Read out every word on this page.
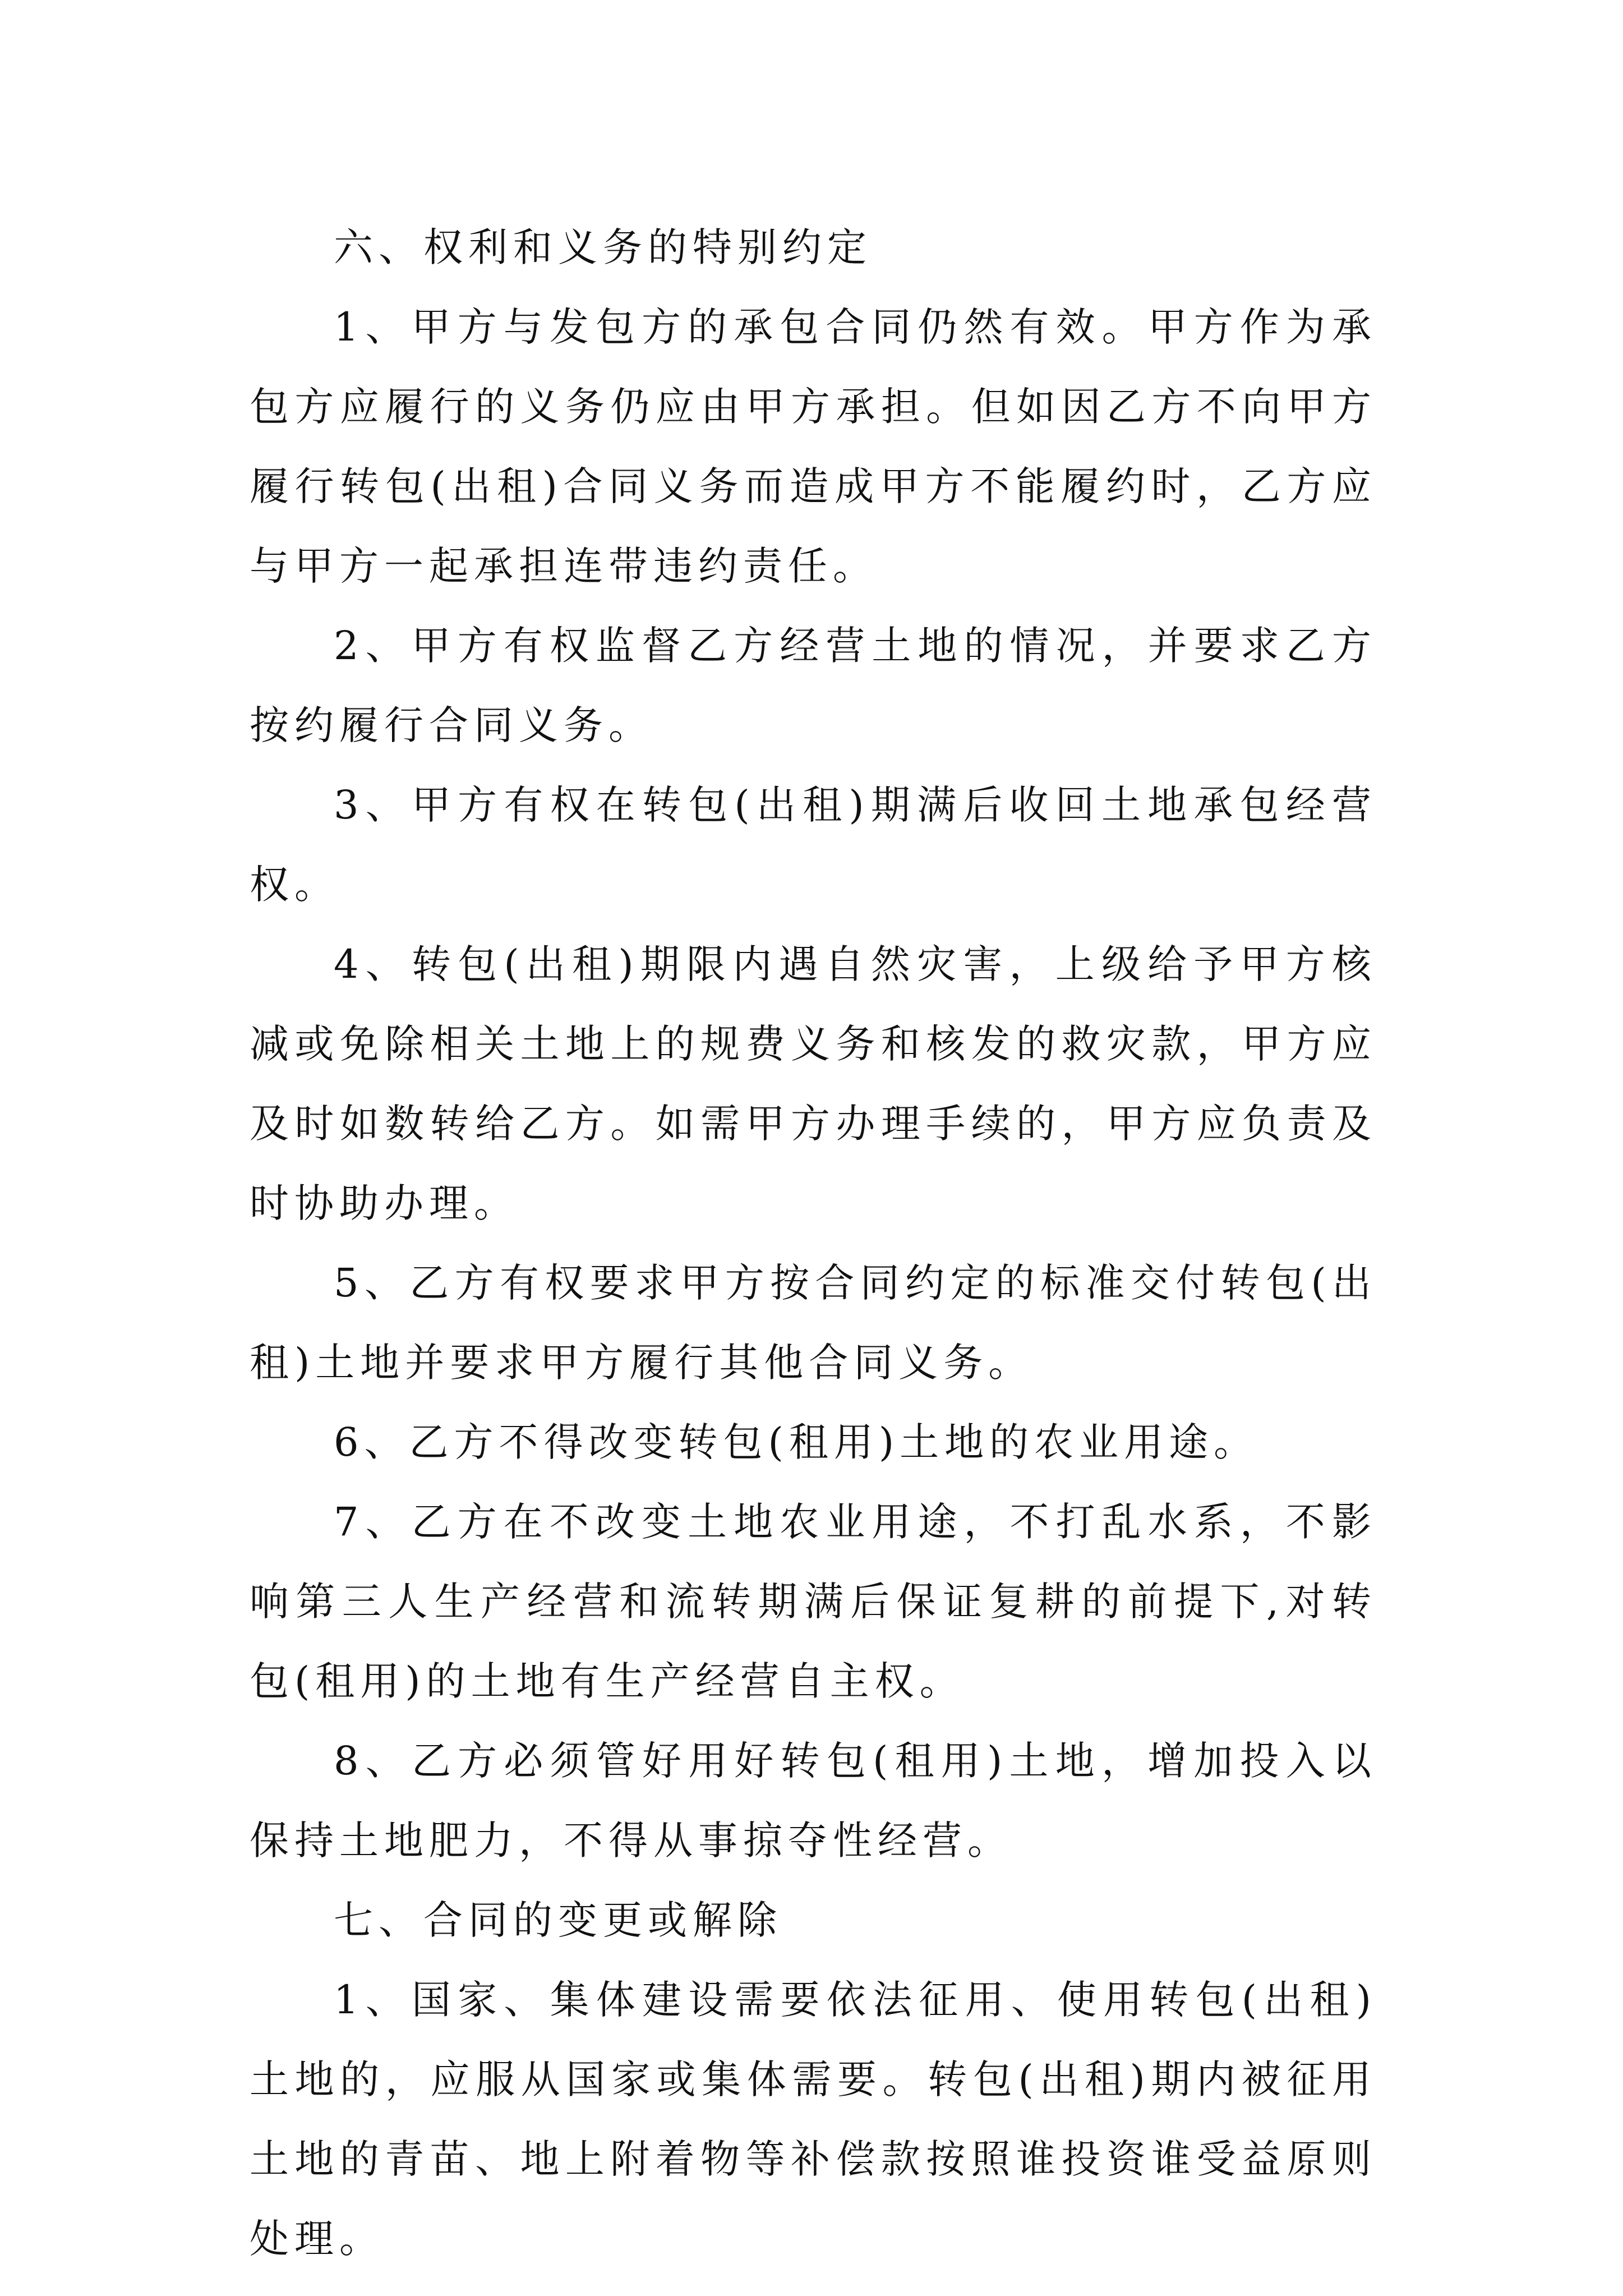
六、权利和义务的特别约定

1、甲方与发包方的承包合同仍然有效。甲方作为承包方应履行的义务仍应由甲方承担。但如因乙方不向甲方履行转包(出租)合同义务而造成甲方不能履约时，乙方应与甲方一起承担连带违约责任。

2、甲方有权监督乙方经营土地的情况，并要求乙方按约履行合同义务。

3、甲方有权在转包(出租)期满后收回土地承包经营权。

4、转包(出租)期限内遇自然灾害，上级给予甲方核减或免除相关土地上的规费义务和核发的救灾款，甲方应及时如数转给乙方。如需甲方办理手续的，甲方应负责及时协助办理。

5、乙方有权要求甲方按合同约定的标准交付转包(出租)土地并要求甲方履行其他合同义务。

6、乙方不得改变转包(租用)土地的农业用途。

7、乙方在不改变土地农业用途，不打乱水系，不影响第三人生产经营和流转期满后保证复耕的前提下,对转包(租用)的土地有生产经营自主权。

8、乙方必须管好用好转包(租用)土地，增加投入以保持土地肥力，不得从事掠夺性经营。

七、合同的变更或解除

1、国家、集体建设需要依法征用、使用转包(出租)土地的，应服从国家或集体需要。转包(出租)期内被征用土地的青苗、地上附着物等补偿款按照谁投资谁受益原则处理。
